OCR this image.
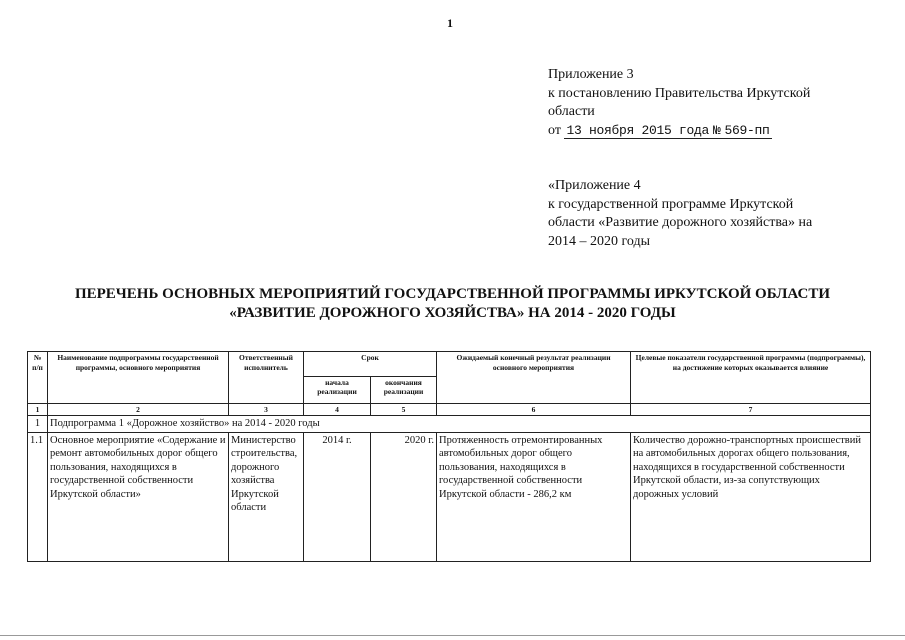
1
Приложение 3
к постановлению Правительства Иркутской
области
от 13 ноября 2015 года № 569-пп
«Приложение 4
к государственной программе Иркутской
области «Развитие дорожного хозяйства» на
2014 – 2020 годы
ПЕРЕЧЕНЬ ОСНОВНЫХ МЕРОПРИЯТИЙ ГОСУДАРСТВЕННОЙ ПРОГРАММЫ ИРКУТСКОЙ ОБЛАСТИ
«РАЗВИТИЕ ДОРОЖНОГО ХОЗЯЙСТВА» НА 2014 - 2020 ГОДЫ
№ п/п	Наименование подпрограммы государственной программы, основного мероприятия	Ответственный исполнитель	Срок		Ожидаемый конечный результат реализации основного мероприятия	Целевые показатели государственной программы (подпрограммы), на достижение которых оказывается влияние
			начала реализации	окончания реализации		
1	2	3	4	5	6	7
1	Подпрограмма 1 «Дорожное хозяйство» на 2014 - 2020 годы					
1.1	Основное мероприятие «Содержание и ремонт автомобильных дорог общего пользования, находящихся в государственной собственности Иркутской области»	Министерство строительства, дорожного хозяйства Иркутской области	2014 г.	2020 г.	Протяженность отремонтированных автомобильных дорог общего пользования, находящихся в государственной собственности Иркутской области - 286,2 км	Количество дорожно-транспортных происшествий на автомобильных дорогах общего пользования, находящихся в государственной собственности Иркутской области, из-за сопутствующих дорожных условий
